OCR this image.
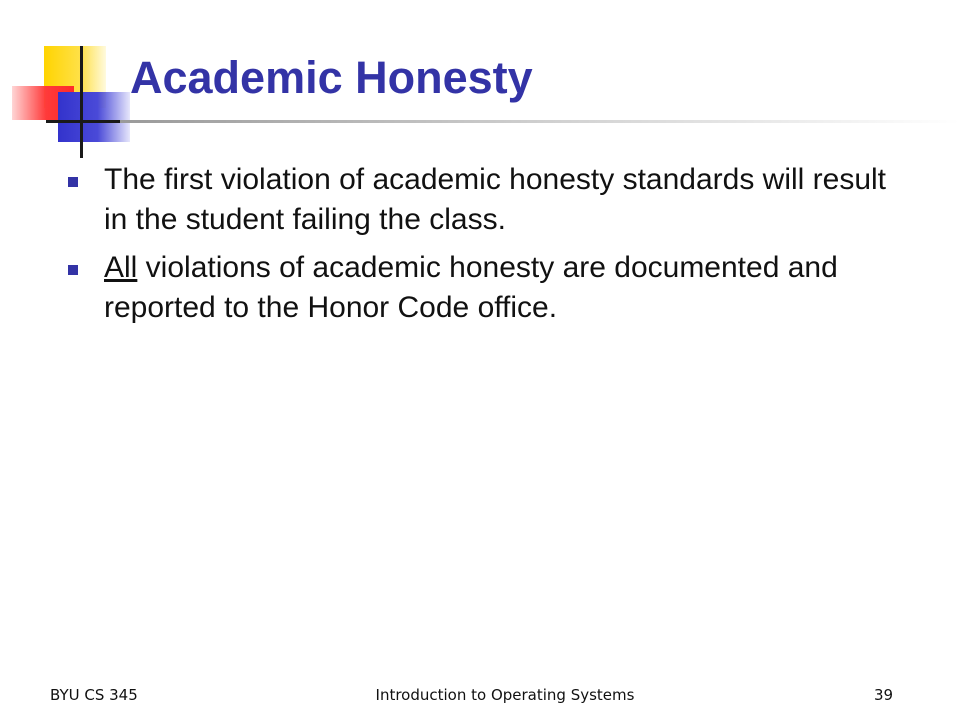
Academic Honesty
The first violation of academic honesty standards will result in the student failing the class.
All violations of academic honesty are documented and reported to the Honor Code office.
BYU CS 345	Introduction to Operating Systems	39
